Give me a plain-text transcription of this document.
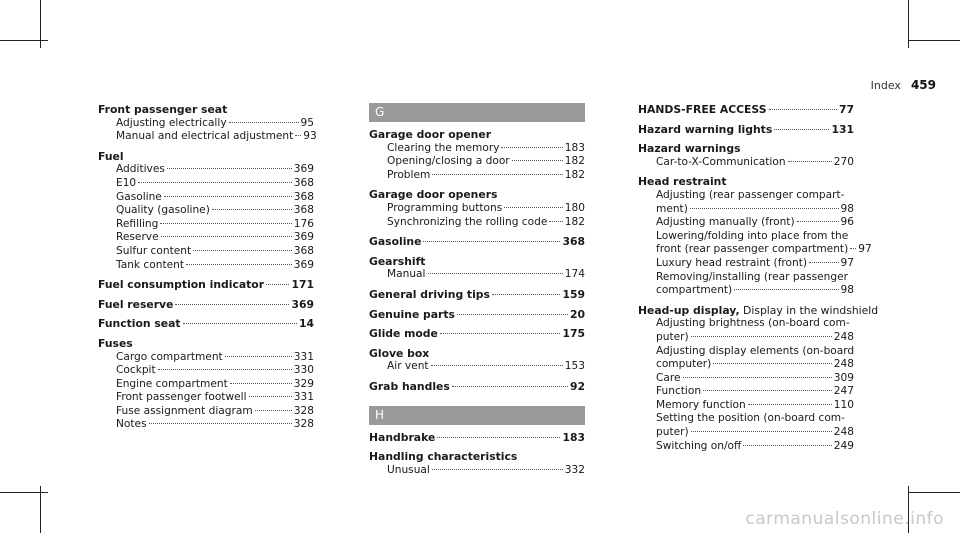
Index 459
Front passenger seat
Adjusting electrically	95
Manual and electrical adjustment 93
Fuel
Additives	369
E10	368
Gasoline	368
Quality (gasoline)	368
Refilling	176
Reserve	369
Sulfur content	368
Tank content	369
Fuel consumption indicator	171
Fuel reserve	369
Function seat	14
Fuses
Cargo compartment	331
Cockpit	330
Engine compartment	329
Front passenger footwell	331
Fuse assignment diagram	328
Notes	328
G
Garage door opener
Clearing the memory	183
Opening/closing a door	182
Problem	182
Garage door openers
Programming buttons	180
Synchronizing the rolling code 182
Gasoline	368
Gearshift
Manual	174
General driving tips	159
Genuine parts	20
Glide mode	175
Glove box
Air vent	153
Grab handles	92
H
Handbrake	183
Handling characteristics
Unusual	332
HANDS-FREE ACCESS	77
Hazard warning lights	131
Hazard warnings
Car-to-X-Communication	270
Head restraint
Adjusting (rear passenger compart-
ment)	98
Adjusting manually (front)	96
Lowering/folding into place from the
front (rear passenger compartment) 97
Luxury head restraint (front)	97
Removing/installing (rear passenger
compartment)	98
Head-up display, Display in the windshield
Adjusting brightness (on-board com-
puter)	248
Adjusting display elements (on-board
computer)	248
Care	309
Function	247
Memory function	110
Setting the position (on-board com-
puter)	248
Switching on/off	249
carmanualsonline.info
